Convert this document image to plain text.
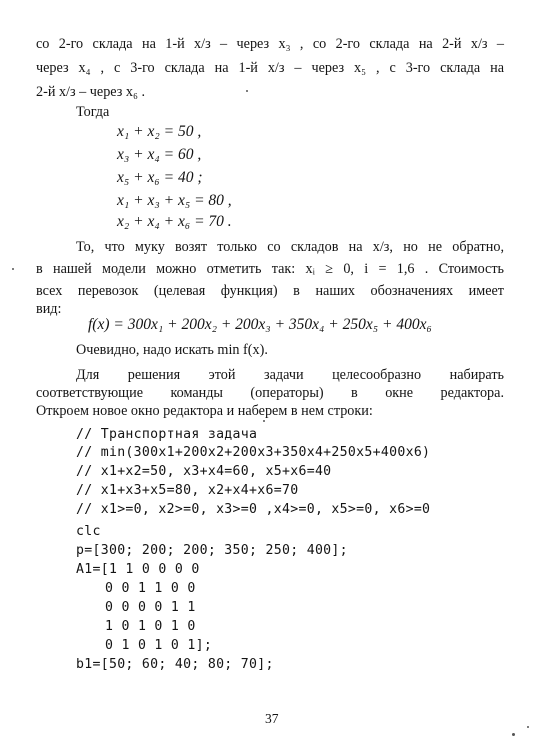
со 2-го склада на 1-й х/з – через x₃ , со 2-го склада на 2-й х/з –
через x₄ , с 3-го склада на 1-й х/з – через x₅ , с 3-го склада на
2-й х/з – через x₆ .
Тогда
x₁ + x₂ = 50 ,
x₃ + x₄ = 60 ,
x₅ + x₆ = 40 ;
x₁ + x₃ + x₅ = 80 ,
x₂ + x₄ + x₆ = 70 .
То, что муку возят только со складов на х/з, но не обратно,
в нашей модели можно отметить так: xᵢ ≥ 0, i = 1,6 . Стоимость
всех перевозок (целевая функция) в наших обозначениях имеет
вид:
f(x) = 300x₁ + 200x₂ + 200x₃ + 350x₄ + 250x₅ + 400x₆
Очевидно, надо искать min f(x).
Для решения этой задачи целесообразно набирать
соответствующие команды (операторы) в окне редактора.
Откроем новое окно редактора и наберем в нем строки:
// Транспортная задача
// min(300x1+200x2+200x3+350x4+250x5+400x6)
// x1+x2=50, x3+x4=60, x5+x6=40
// x1+x3+x5=80, x2+x4+x6=70
// x1>=0, x2>=0, x3>=0 ,x4>=0, x5>=0, x6>=0
clc
p=[300; 200; 200; 350; 250; 400];
A1=[1 1 0 0 0 0
0 0 1 1 0 0
0 0 0 0 1 1
1 0 1 0 1 0
0 1 0 1 0 1];
b1=[50; 60; 40; 80; 70];
37
